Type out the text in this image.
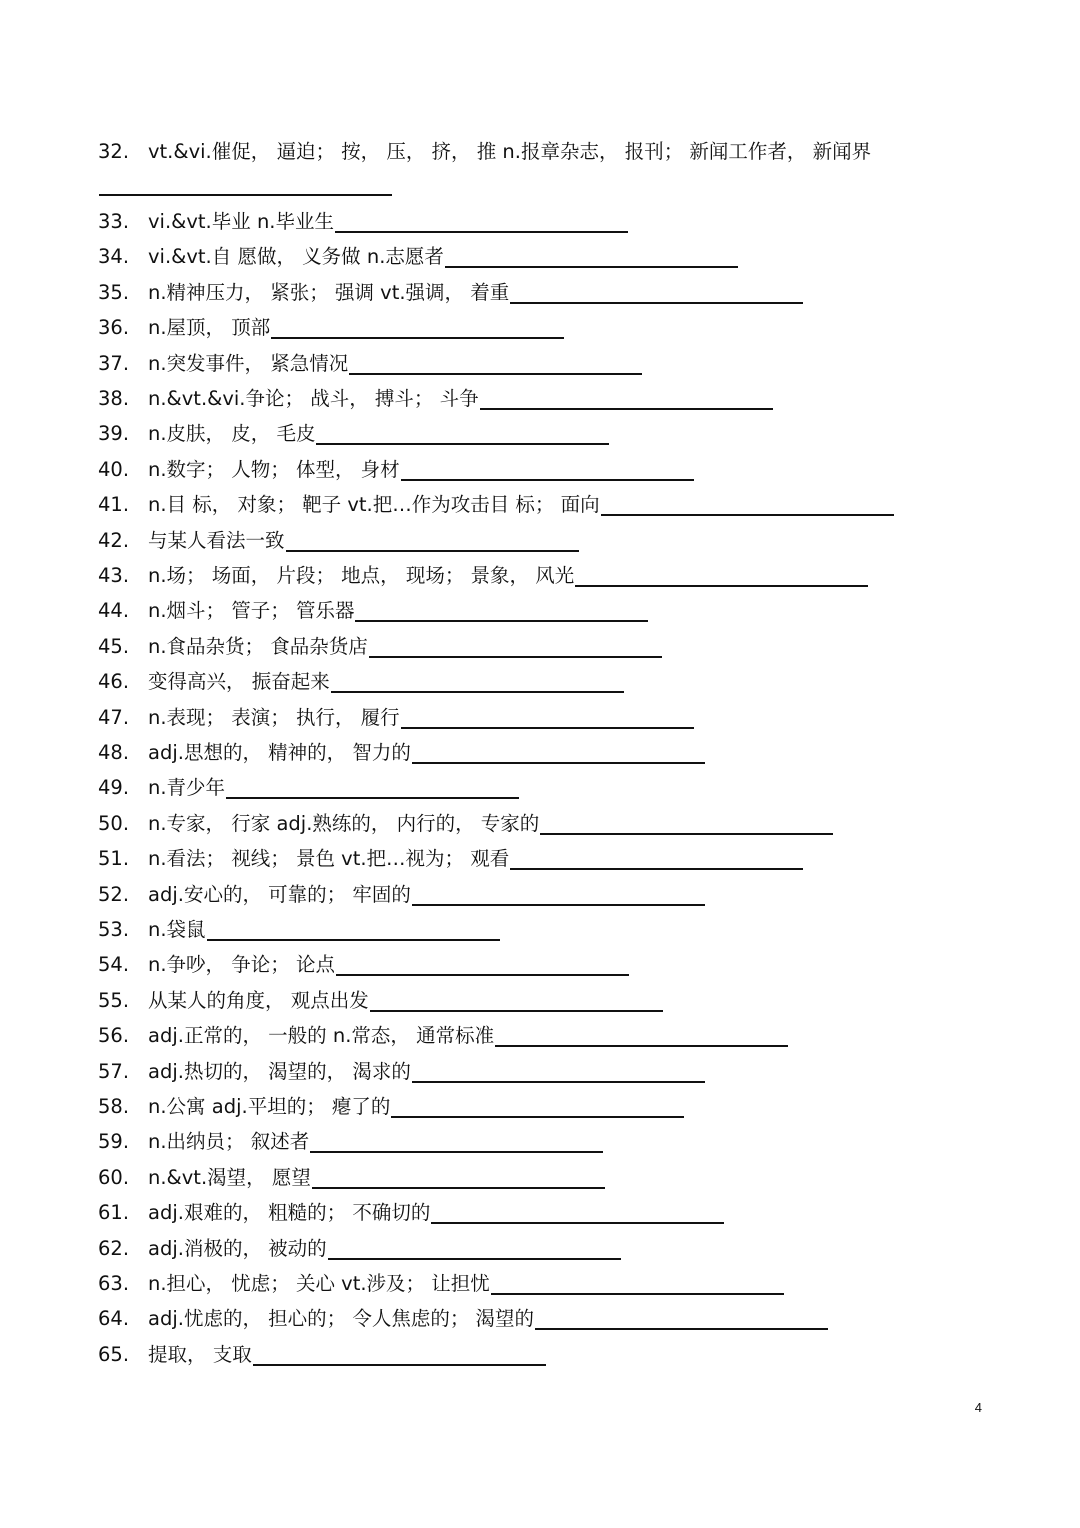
32. vt.&vi.催促， 逼迫； 按， 压， 挤， 推 n.报章杂志， 报刊； 新闻工作者， 新闻界
33. vi.&vt.毕业 n.毕业生
34. vi.&vt.自 愿做， 义务做 n.志愿者
35. n.精神压力， 紧张； 强调 vt.强调， 着重
36. n.屋顶， 顶部
37. n.突发事件， 紧急情况
38. n.&vt.&vi.争论； 战斗， 搏斗； 斗争
39. n.皮肤， 皮， 毛皮
40. n.数字； 人物； 体型， 身材
41. n.目 标， 对象； 靶子 vt.把…作为攻击目 标； 面向
42. 与某人看法一致
43. n.场； 场面， 片段； 地点， 现场； 景象， 风光
44. n.烟斗； 管子； 管乐器
45. n.食品杂货； 食品杂货店
46. 变得高兴， 振奋起来
47. n.表现； 表演； 执行， 履行
48. adj.思想的， 精神的， 智力的
49. n.青少年
50. n.专家， 行家 adj.熟练的， 内行的， 专家的
51. n.看法； 视线； 景色 vt.把…视为； 观看
52. adj.安心的， 可靠的； 牢固的
53. n.袋鼠
54. n.争吵， 争论； 论点
55. 从某人的角度， 观点出发
56. adj.正常的， 一般的 n.常态， 通常标准
57. adj.热切的， 渴望的， 渴求的
58. n.公寓 adj.平坦的； 瘪了的
59. n.出纳员； 叙述者
60. n.&vt.渴望， 愿望
61. adj.艰难的， 粗糙的； 不确切的
62. adj.消极的， 被动的
63. n.担心， 忧虑； 关心 vt.涉及； 让担忧
64. adj.忧虑的， 担心的； 令人焦虑的； 渴望的
65. 提取， 支取
4
